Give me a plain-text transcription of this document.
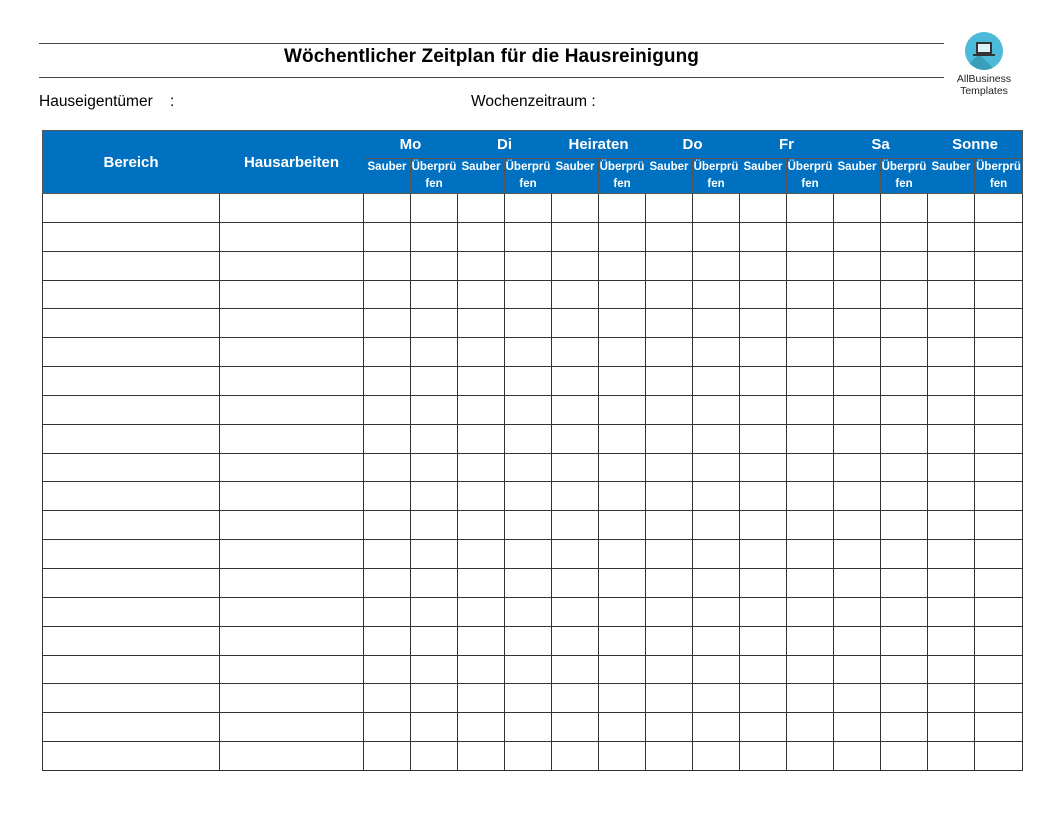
Wöchentlicher Zeitplan für die Hausreinigung
Hauseigentümer    :	Wochenzeitraum :
AllBusiness
Templates
Bereich	Hausarbeiten	Mo		Di		Heiraten		Do		Fr		Sa		Sonne	
		Sauber	Überprüfen	Sauber	Überprüfen	Sauber	Überprüfen	Sauber	Überprüfen	Sauber	Überprüfen	Sauber	Überprüfen	Sauber	Überprüfen
